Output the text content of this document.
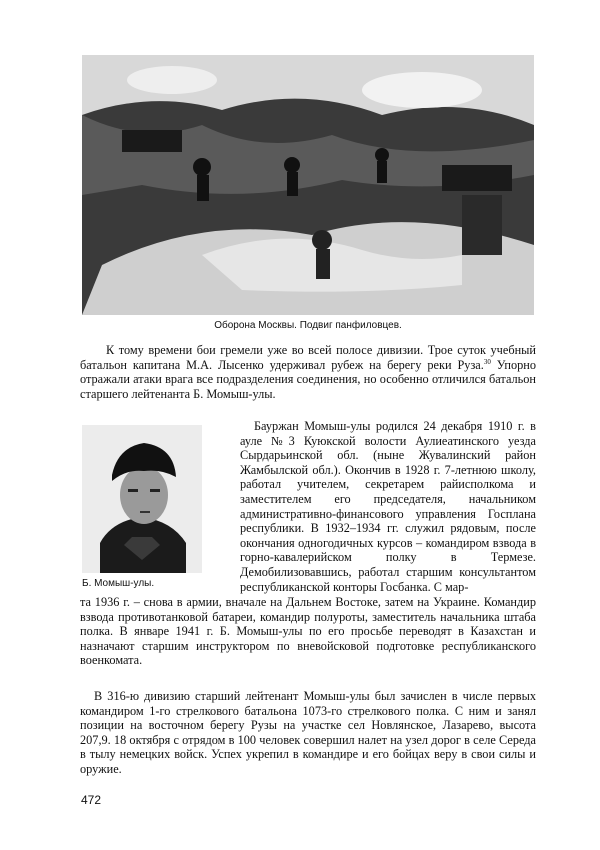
Оборона Москвы. Подвиг панфиловцев.

К тому времени бои гремели уже во всей полосе дивизии. Трое суток учебный батальон капитана М.А. Лысенко удерживал рубеж на берегу реки Руза.$^{30}$ Упорно отражали атаки врага все подразделения соединения, но особенно отличился батальон старшего лейтенанта Б. Момыш-улы.

Бауржан Момыш-улы родился 24 декабря 1910 г. в ауле №3 Куюкской волости Аулиеатинского уезда Сырдарьинской обл. (ныне Жувалинский район Жамбылской обл.). Окончив в 1928 г. 7-летнюю школу, работал учителем, секретарем райисполкома и заместителем его председателя, начальником административно-финансового управления Госплана республики. В 1932–1934 гг. служил рядовым, после окончания одногодичных курсов – командиром взвода в горно-кавалерийском полку в Термезе. Демобилизовавшись, работал старшим консультантом республиканской конторы Госбанка. С мар-

Б. Момыш-улы.

та 1936 г. – снова в армии, вначале на Дальнем Востоке, затем на Украине. Командир взвода противотанковой батареи, командир полуроты, заместитель начальника штаба полка. В январе 1941 г. Б. Момыш-улы по его просьбе переводят в Казахстан и назначают старшим инструктором по вневойсковой подготовке республиканского военкомата.

В 316-ю дивизию старший лейтенант Момыш-улы был зачислен в числе первых командиром 1-го стрелкового батальона 1073-го стрелкового полка. С ним и занял позиции на восточном берегу Рузы на участке сел Новлянское, Лазарево, высота 207,9. 18 октября с отрядом в 100 человек совершил налет на узел дорог в селе Середа в тылу немецких войск. Успех укрепил в командире и его бойцах веру в свои силы и оружие.

472
